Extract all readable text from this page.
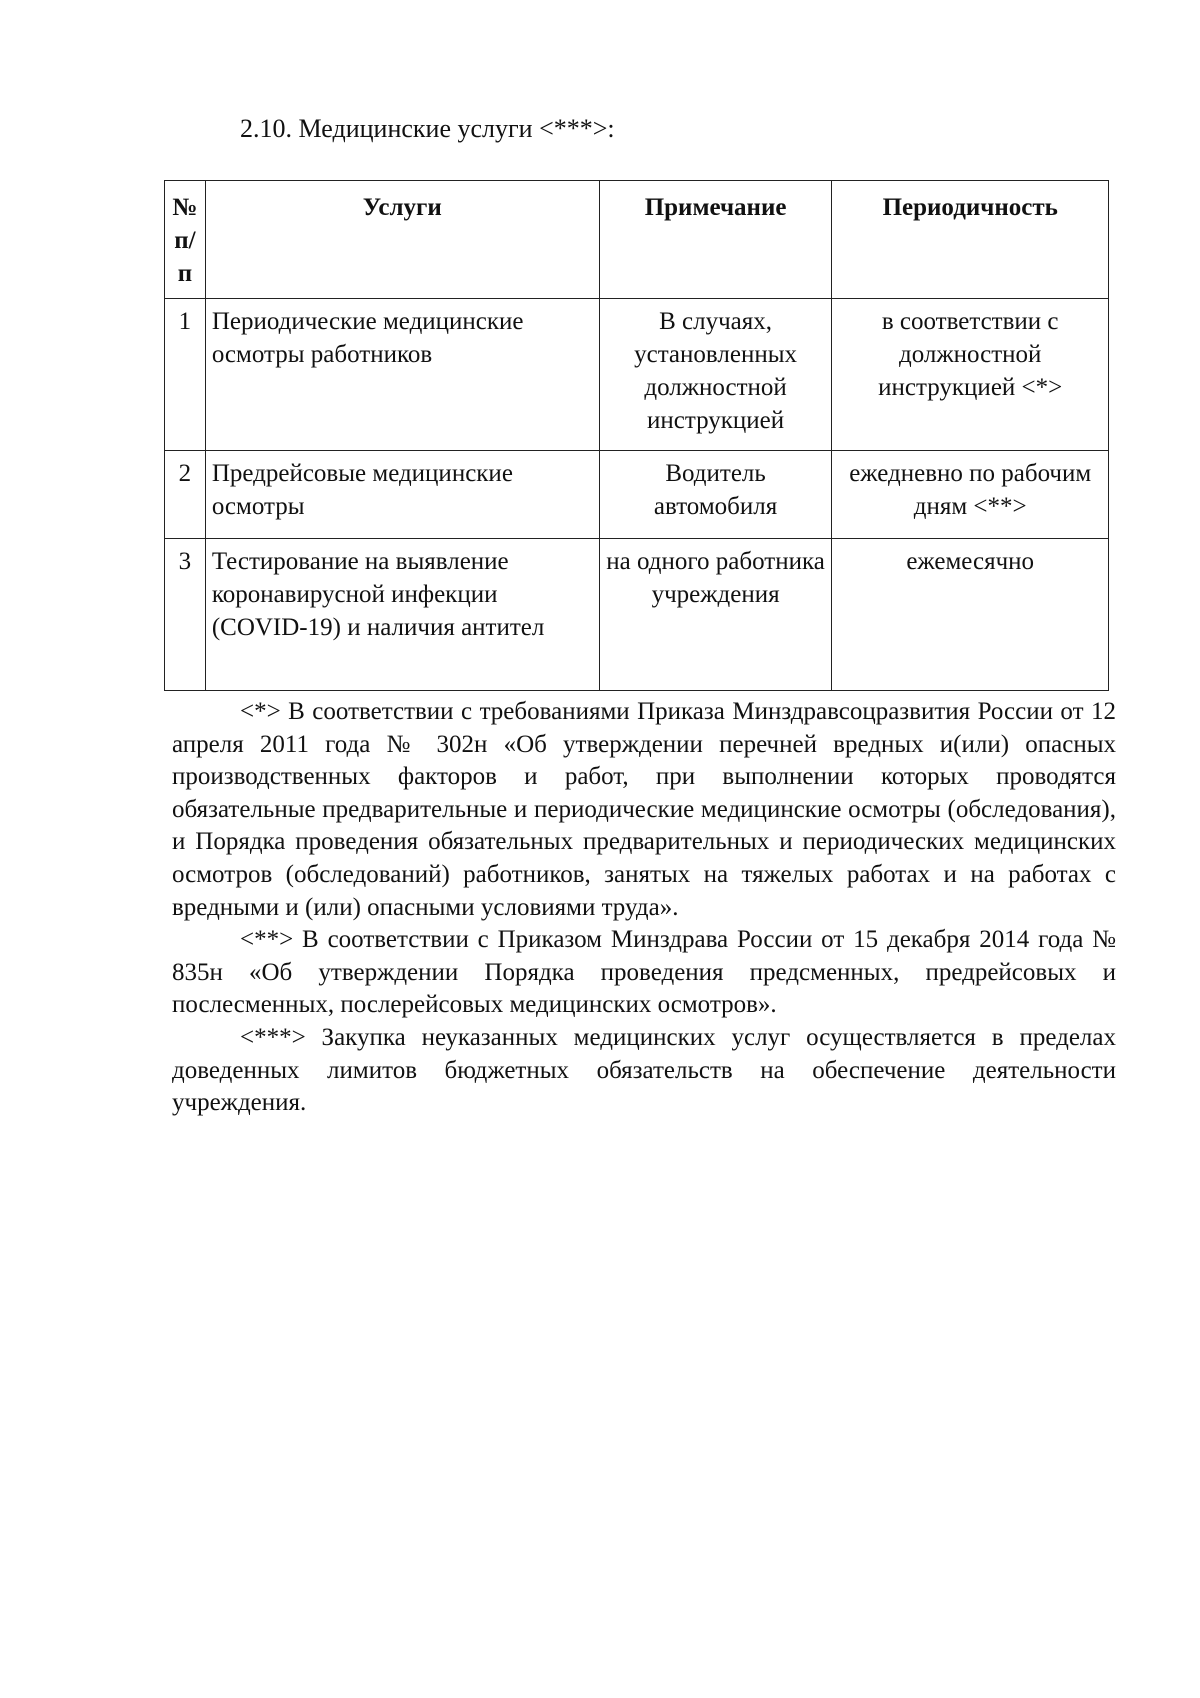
2.10. Медицинские услуги <***>:
№ п/п	Услуги	Примечание	Периодичность
1	Периодические медицинские осмотры работников	В случаях, установленных должностной инструкцией	в соответствии с должностной инструкцией <*>
2	Предрейсовые медицинские осмотры	Водитель автомобиля	ежедневно по рабочим дням <**>
3	Тестирование на выявление коронавирусной инфекции (COVID-19) и наличия антител	на одного работника учреждения	ежемесячно

<*> В соответствии с требованиями Приказа Минздравсоцразвития России от 12 апреля 2011 года № 302н «Об утверждении перечней вредных и(или) опасных производственных факторов и работ, при выполнении которых проводятся обязательные предварительные и периодические медицинские осмотры (обследования), и Порядка проведения обязательных предварительных и периодических медицинских осмотров (обследований) работников, занятых на тяжелых работах и на работах с вредными и (или) опасными условиями труда».

<**> В соответствии с Приказом Минздрава России от 15 декабря 2014 года № 835н «Об утверждении Порядка проведения предсменных, предрейсовых и послесменных, послерейсовых медицинских осмотров».

<***> Закупка неуказанных медицинских услуг осуществляется в пределах доведенных лимитов бюджетных обязательств на обеспечение деятельности учреждения.
